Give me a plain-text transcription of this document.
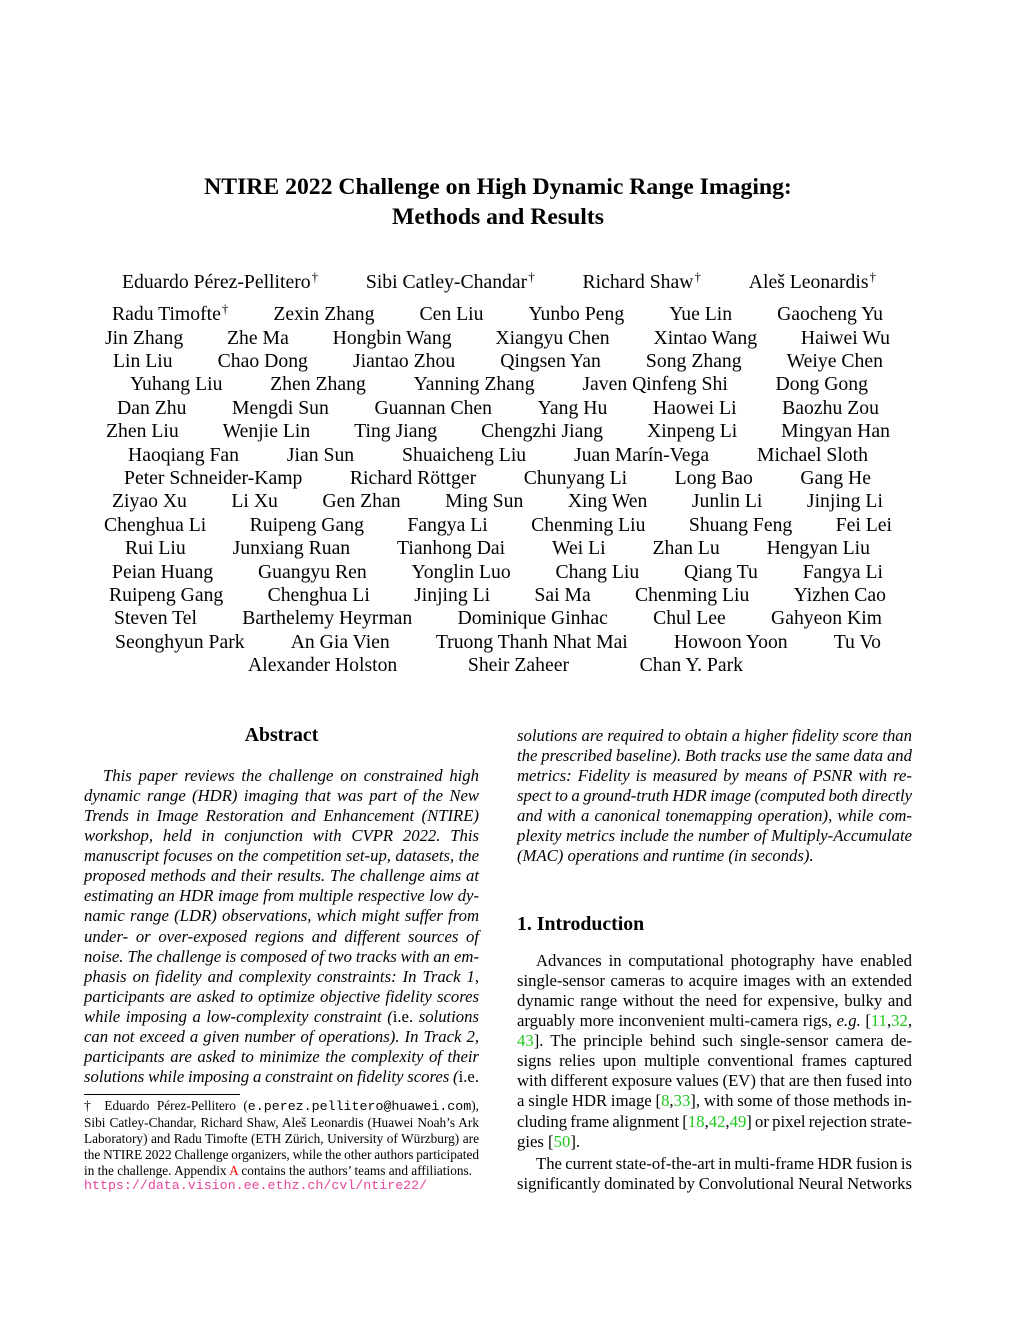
NTIRE 2022 Challenge on High Dynamic Range Imaging:
Methods and Results
Eduardo Pérez-Pellitero† Sibi Catley-Chandar† Richard Shaw† Aleš Leonardis†
Radu Timofte† Zexin Zhang Cen Liu Yunbo Peng Yue Lin Gaocheng Yu
Jin Zhang Zhe Ma Hongbin Wang Xiangyu Chen Xintao Wang Haiwei Wu
Lin Liu Chao Dong Jiantao Zhou Qingsen Yan Song Zhang Weiye Chen
Yuhang Liu Zhen Zhang Yanning Zhang Javen Qinfeng Shi Dong Gong
Dan Zhu Mengdi Sun Guannan Chen Yang Hu Haowei Li Baozhu Zou
Zhen Liu Wenjie Lin Ting Jiang Chengzhi Jiang Xinpeng Li Mingyan Han
Haoqiang Fan Jian Sun Shuaicheng Liu Juan Marín-Vega Michael Sloth
Peter Schneider-Kamp Richard Röttger Chunyang Li Long Bao Gang He
Ziyao Xu Li Xu Gen Zhan Ming Sun Xing Wen Junlin Li Jinjing Li
Chenghua Li Ruipeng Gang Fangya Li Chenming Liu Shuang Feng Fei Lei
Rui Liu Junxiang Ruan Tianhong Dai Wei Li Zhan Lu Hengyan Liu
Peian Huang Guangyu Ren Yonglin Luo Chang Liu Qiang Tu Fangya Li
Ruipeng Gang Chenghua Li Jinjing Li Sai Ma Chenming Liu Yizhen Cao
Steven Tel Barthelemy Heyrman Dominique Ginhac Chul Lee Gahyeon Kim
Seonghyun Park An Gia Vien Truong Thanh Nhat Mai Howoon Yoon Tu Vo
Alexander Holston	Sheir Zaheer	Chan Y. Park
Abstract
This paper reviews the challenge on constrained high
dynamic range (HDR) imaging that was part of the New
Trends in Image Restoration and Enhancement (NTIRE)
workshop, held in conjunction with CVPR 2022. This
manuscript focuses on the competition set-up, datasets, the
proposed methods and their results. The challenge aims at
estimating an HDR image from multiple respective low dy-
namic range (LDR) observations, which might suffer from
under- or over-exposed regions and different sources of
noise. The challenge is composed of two tracks with an em-
phasis on fidelity and complexity constraints: In Track 1,
participants are asked to optimize objective fidelity scores
while imposing a low-complexity constraint (i.e. solutions
can not exceed a given number of operations). In Track 2,
participants are asked to minimize the complexity of their
solutions while imposing a constraint on fidelity scores (i.e.
† Eduardo Pérez-Pellitero (e.perez.pellitero@huawei.com),
Sibi Catley-Chandar, Richard Shaw, Aleš Leonardis (Huawei Noah’s Ark
Laboratory) and Radu Timofte (ETH Zürich, University of Würzburg) are
the NTIRE 2022 Challenge organizers, while the other authors participated
in the challenge. Appendix A contains the authors’ teams and affiliations.
https://data.vision.ee.ethz.ch/cvl/ntire22/
solutions are required to obtain a higher fidelity score than
the prescribed baseline). Both tracks use the same data and
metrics: Fidelity is measured by means of PSNR with re-
spect to a ground-truth HDR image (computed both directly
and with a canonical tonemapping operation), while com-
plexity metrics include the number of Multiply-Accumulate
(MAC) operations and runtime (in seconds).
1. Introduction
Advances in computational photography have enabled
single-sensor cameras to acquire images with an extended
dynamic range without the need for expensive, bulky and
arguably more inconvenient multi-camera rigs, e.g. [11,32,
43]. The principle behind such single-sensor camera de-
signs relies upon multiple conventional frames captured
with different exposure values (EV) that are then fused into
a single HDR image [8,33], with some of those methods in-
cluding frame alignment [18,42,49] or pixel rejection strate-
gies [50].
The current state-of-the-art in multi-frame HDR fusion is
significantly dominated by Convolutional Neural Networks
